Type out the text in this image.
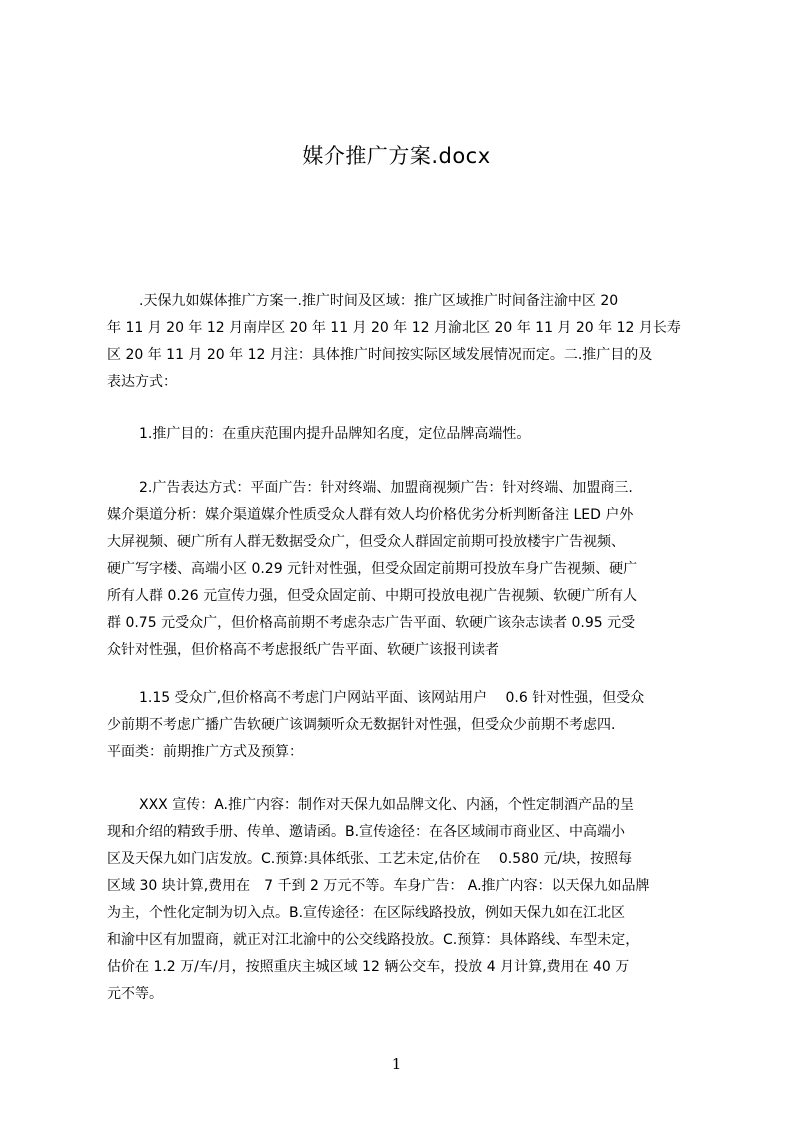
媒介推广方案.docx
.天保九如媒体推广方案一.推广时间及区域：推广区域推广时间备注渝中区 20
年 11 月 20 年 12 月南岸区 20 年 11 月 20 年 12 月渝北区 20 年 11 月 20 年 12 月长寿
区 20 年 11 月 20 年 12 月注：具体推广时间按实际区域发展情况而定。二.推广目的及
表达方式：
1.推广目的：在重庆范围内提升品牌知名度，定位品牌高端性。
2.广告表达方式：平面广告：针对终端、加盟商视频广告：针对终端、加盟商三.
媒介渠道分析：媒介渠道媒介性质受众人群有效人均价格优劣分析判断备注 LED 户外
大屏视频、硬广所有人群无数据受众广，但受众人群固定前期可投放楼宇广告视频、
硬广写字楼、高端小区 0.29 元针对性强，但受众固定前期可投放车身广告视频、硬广
所有人群 0.26 元宣传力强，但受众固定前、中期可投放电视广告视频、软硬广所有人
群 0.75 元受众广，但价格高前期不考虑杂志广告平面、软硬广该杂志读者 0.95 元受
众针对性强，但价格高不考虑报纸广告平面、软硬广该报刊读者
1.15 受众广,但价格高不考虑门户网站平面、该网站用户　 0.6 针对性强，但受众
少前期不考虑广播广告软硬广该调频听众无数据针对性强，但受众少前期不考虑四.
平面类：前期推广方式及预算：
XXX 宣传：A.推广内容：制作对天保九如品牌文化、内涵，个性定制酒产品的呈
现和介绍的精致手册、传单、邀请函。B.宣传途径：在各区域闹市商业区、中高端小
区及天保九如门店发放。C.预算:具体纸张、工艺未定,估价在　 0.580 元/块，按照每
区域 30 块计算,费用在　7 千到 2 万元不等。车身广告： A.推广内容：以天保九如品牌
为主，个性化定制为切入点。B.宣传途径：在区际线路投放，例如天保九如在江北区
和渝中区有加盟商，就正对江北渝中的公交线路投放。C.预算：具体路线、车型未定，
估价在 1.2 万/车/月，按照重庆主城区域 12 辆公交车，投放 4 月计算,费用在 40 万
元不等。
1
